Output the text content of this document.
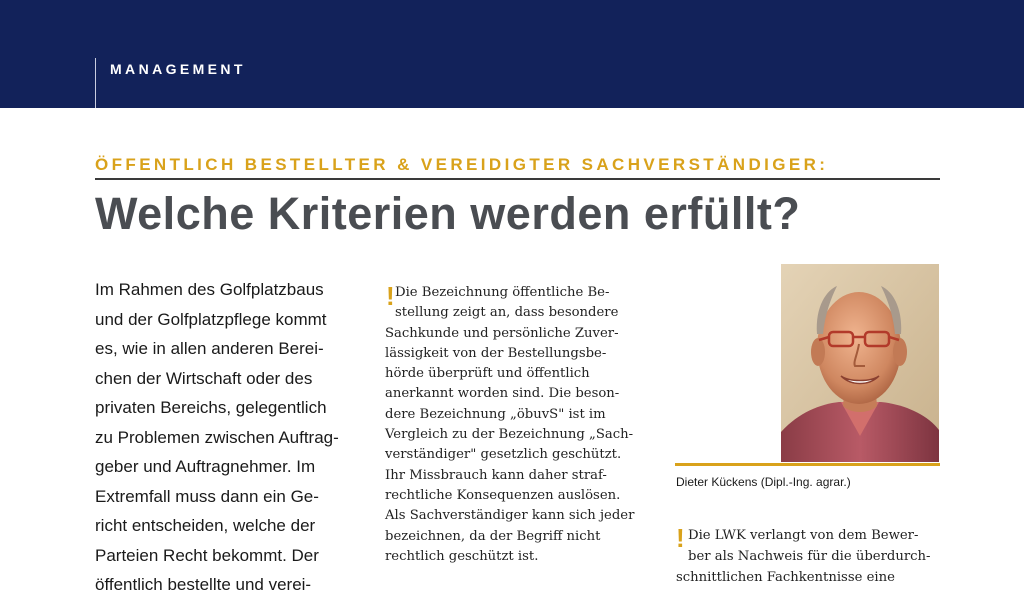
MANAGEMENT
ÖFFENTLICH BESTELLTER & VEREIDIGTER SACHVERSTÄNDIGER:
Welche Kriterien werden erfüllt?
Im Rahmen des Golfplatzbaus
und der Golfplatzpflege kommt
es, wie in allen anderen Berei-
chen der Wirtschaft oder des
privaten Bereichs, gelegentlich
zu Problemen zwischen Auftrag-
geber und Auftragnehmer. Im
Extremfall muss dann ein Ge-
richt entscheiden, welche der
Parteien Recht bekommt. Der
öffentlich bestellte und verei-
! Die Bezeichnung öffentliche Be-
stellung zeigt an, dass besondere
Sachkunde und persönliche Zuver-
lässigkeit von der Bestellungsbe-
hörde überprüft und öffentlich
anerkannt worden sind. Die beson-
dere Bezeichnung „öbuvS" ist im
Vergleich zu der Bezeichnung „Sach-
verständiger" gesetzlich geschützt.
Ihr Missbrauch kann daher straf-
rechtliche Konsequenzen auslösen.
Als Sachverständiger kann sich jeder
bezeichnen, da der Begriff nicht
rechtlich geschützt ist.
Dieter Kückens (Dipl.-Ing. agrar.)
! Die LWK verlangt von dem Bewer-
ber als Nachweis für die überdurch-
schnittlichen Fachkentnisse eine
